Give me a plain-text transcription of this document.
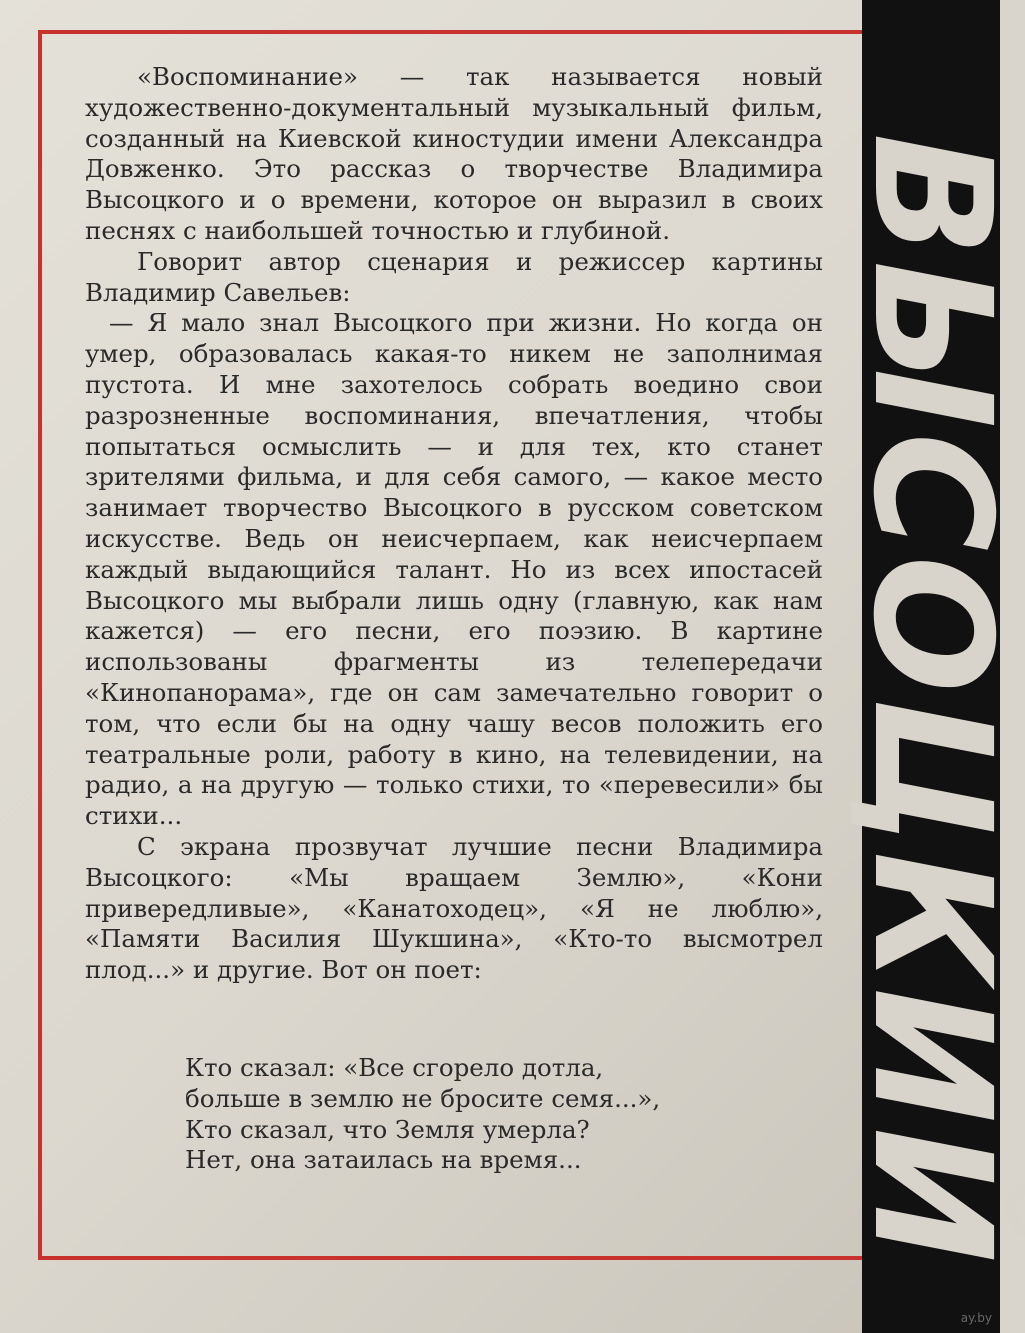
«Воспоминание» — так называется новый художественно-документальный музыкальный фильм, созданный на Киевской киностудии имени Александра Довженко. Это рассказ о творчестве Владимира Высоцкого и о времени, которое он выразил в своих песнях с наибольшей точностью и глубиной.

Говорит автор сценария и режиссер картины Владимир Савельев:

— Я мало знал Высоцкого при жизни. Но когда он умер, образовалась какая-то никем не заполнимая пустота. И мне захотелось собрать воедино свои разрозненные воспоминания, впечатления, чтобы попытаться осмыслить — и для тех, кто станет зрителями фильма, и для себя самого, — какое место занимает творчество Высоцкого в русском советском искусстве. Ведь он неисчерпаем, как неисчерпаем каждый выдающийся талант. Но из всех ипостасей Высоцкого мы выбрали лишь одну (главную, как нам кажется) — его песни, его поэзию. В картине использованы фрагменты из телепередачи «Кинопанорама», где он сам замечательно говорит о том, что если бы на одну чашу весов положить его театральные роли, работу в кино, на телевидении, на радио, а на другую — только стихи, то «перевесили» бы стихи...

С экрана прозвучат лучшие песни Владимира Высоцкого: «Мы вращаем Землю», «Кони привередливые», «Канатоходец», «Я не люблю», «Памяти Василия Шукшина», «Кто-то высмотрел плод...» и другие. Вот он поет:

Кто сказал: «Все сгорело дотла,
больше в землю не бросите семя...»,
Кто сказал, что Земля умерла?
Нет, она затаилась на время...	ВЫСОЦКИЙ
ay.by
